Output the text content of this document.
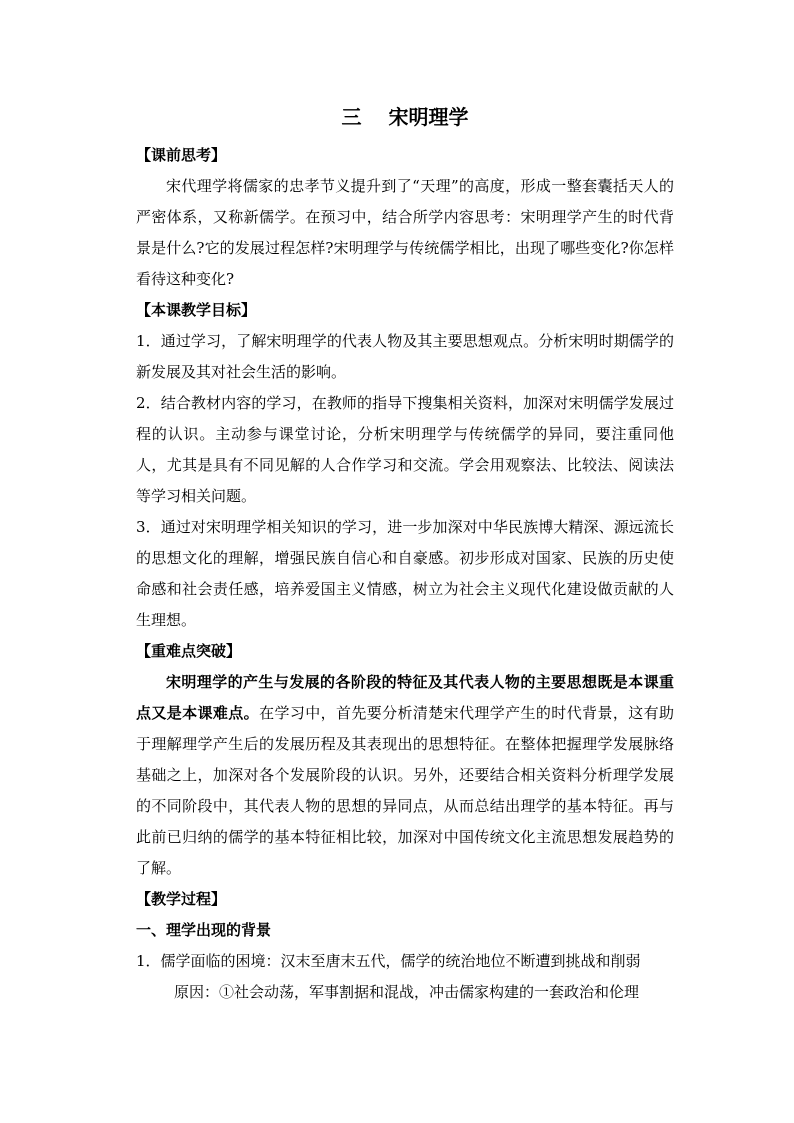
三　 宋明理学

【课前思考】

宋代理学将儒家的忠孝节义提升到了“天理”的高度，形成一整套囊括天人的严密体系，又称新儒学。在预习中，结合所学内容思考：宋明理学产生的时代背景是什么?它的发展过程怎样?宋明理学与传统儒学相比，出现了哪些变化?你怎样看待这种变化?

【本课教学目标】

1．通过学习，了解宋明理学的代表人物及其主要思想观点。分析宋明时期儒学的新发展及其对社会生活的影响。

2．结合教材内容的学习，在教师的指导下搜集相关资料，加深对宋明儒学发展过程的认识。主动参与课堂讨论，分析宋明理学与传统儒学的异同，要注重同他人，尤其是具有不同见解的人合作学习和交流。学会用观察法、比较法、阅读法等学习相关问题。

3．通过对宋明理学相关知识的学习，进一步加深对中华民族博大精深、源远流长的思想文化的理解，增强民族自信心和自豪感。初步形成对国家、民族的历史使命感和社会责任感，培养爱国主义情感，树立为社会主义现代化建设做贡献的人生理想。

【重难点突破】

宋明理学的产生与发展的各阶段的特征及其代表人物的主要思想既是本课重点又是本课难点。在学习中，首先要分析清楚宋代理学产生的时代背景，这有助于理解理学产生后的发展历程及其表现出的思想特征。在整体把握理学发展脉络基础之上，加深对各个发展阶段的认识。另外，还要结合相关资料分析理学发展的不同阶段中，其代表人物的思想的异同点，从而总结出理学的基本特征。再与此前已归纳的儒学的基本特征相比较，加深对中国传统文化主流思想发展趋势的了解。

【教学过程】

一、理学出现的背景

1．儒学面临的困境：汉末至唐末五代，儒学的统治地位不断遭到挑战和削弱

原因：①社会动荡，军事割据和混战，冲击儒家构建的一套政治和伦理
